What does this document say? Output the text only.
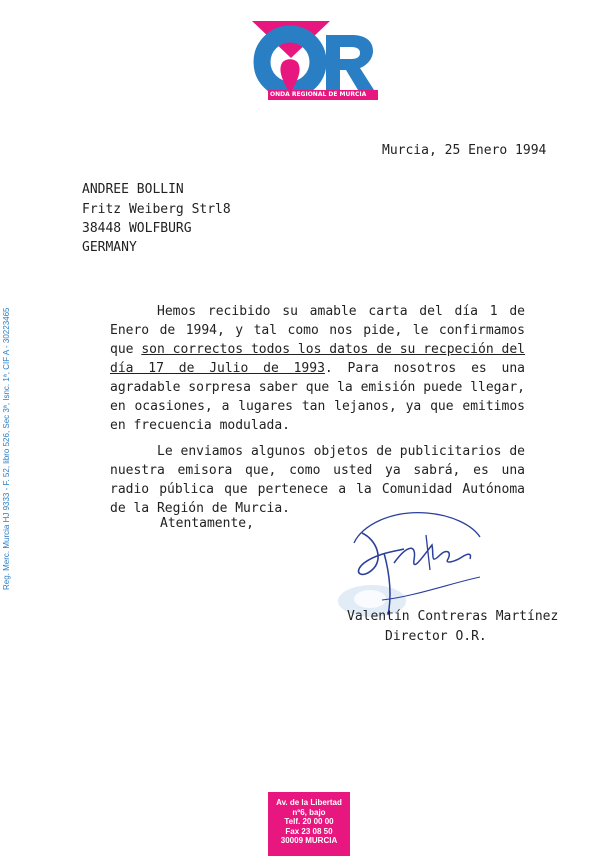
ONDA REGIONAL DE MURCIA
Murcia, 25 Enero 1994
ANDREE BOLLIN
Fritz Weiberg Strl8
38448 WOLFBURG
GERMANY

Hemos recibido su amable carta del día 1 de Enero de 1994, y tal como nos pide, le confirmamos que son correctos todos los datos de su recpeción del día 17 de Julio de 1993. Para nosotros es una agradable sorpresa saber que la emisión puede llegar, en ocasiones, a lugares tan lejanos, ya que emitimos en frecuencia modulada.

Le enviamos algunos objetos de publicitarios de nuestra emisora que, como usted ya sabrá, es una radio pública que pertenece a la Comunidad Autónoma de la Región de Murcia.

Atentamente,
Valentín Contreras Martínez
Director O.R.
Reg. Merc. Murcia HJ 9333 - F. 52, libro 526, Sec 3ª, Isnc. 1ª, CIF A - 30223465
Av. de la Libertad
nº6, bajo
Telf. 20 00 00
Fax 23 08 50
30009 MURCIA
